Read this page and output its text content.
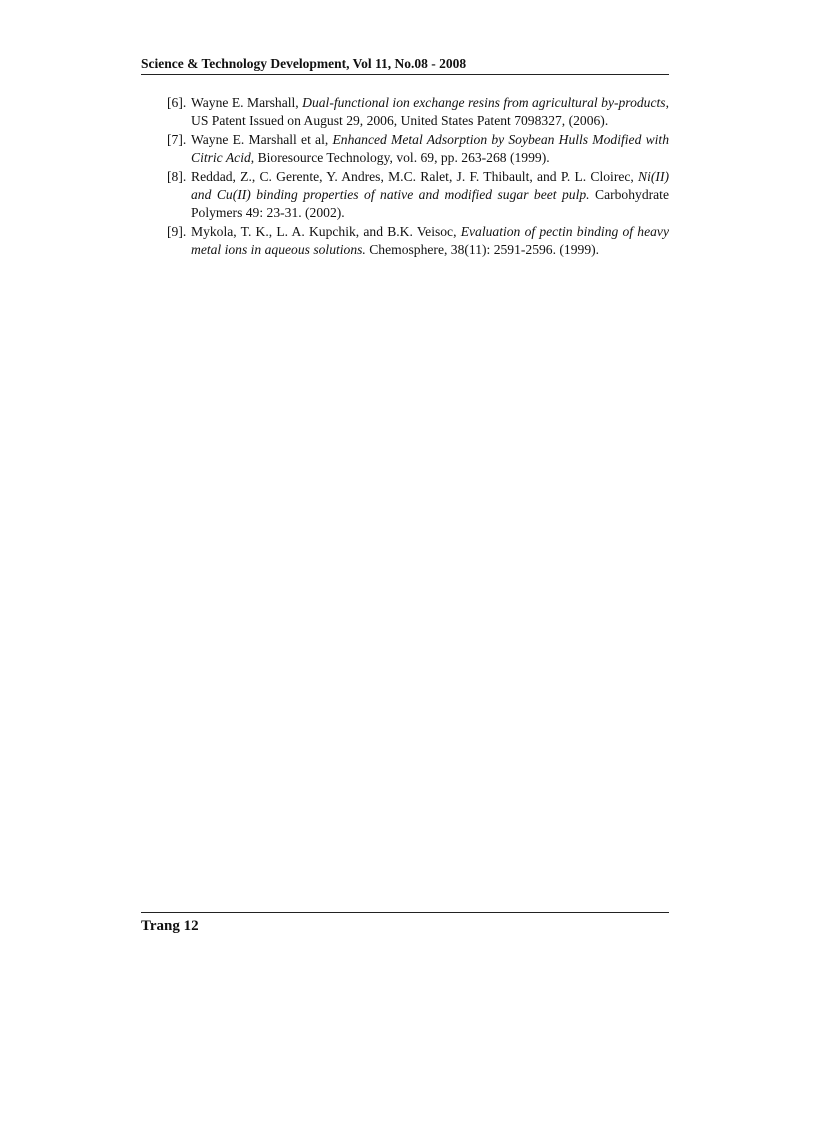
Science & Technology Development, Vol 11, No.08 - 2008
[6]. Wayne E. Marshall, Dual-functional ion exchange resins from agricultural by-products, US Patent Issued on August 29, 2006, United States Patent 7098327, (2006).
[7]. Wayne E. Marshall et al, Enhanced Metal Adsorption by Soybean Hulls Modified with Citric Acid, Bioresource Technology, vol. 69, pp. 263-268 (1999).
[8]. Reddad, Z., C. Gerente, Y. Andres, M.C. Ralet, J. F. Thibault, and P. L. Cloirec, Ni(II) and Cu(II) binding properties of native and modified sugar beet pulp. Carbohydrate Polymers 49: 23-31. (2002).
[9]. Mykola, T. K., L. A. Kupchik, and B.K. Veisoc, Evaluation of pectin binding of heavy metal ions in aqueous solutions. Chemosphere, 38(11): 2591-2596. (1999).
Trang 12
